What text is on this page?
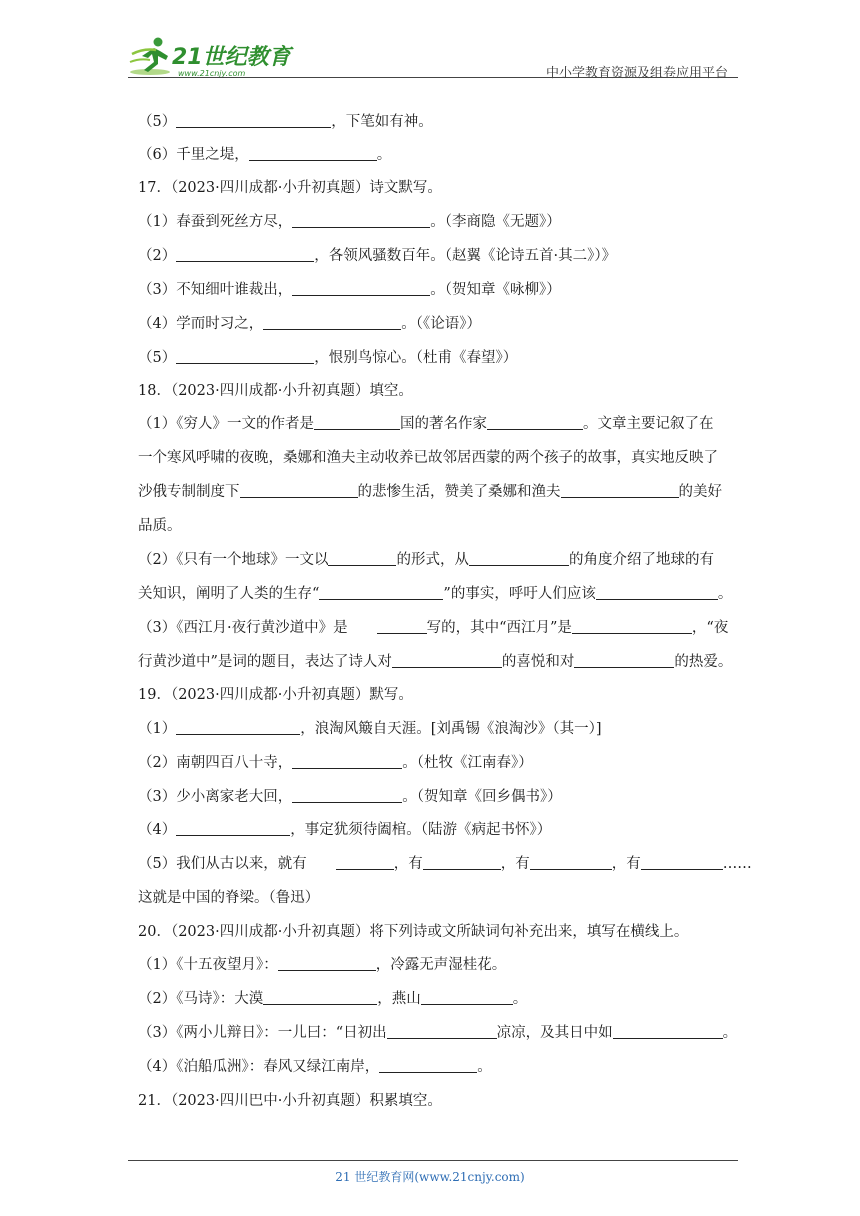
21世纪教育
www.21cnjy.com	中小学教育资源及组卷应用平台
（5）	，下笔如有神。
（6）千里之堤，	。
17．（2023·四川成都·小升初真题）诗文默写。
（1）春蚕到死丝方尽，	。（李商隐《无题》）
（2）	，各领风骚数百年。（赵翼《论诗五首·其二》）》
（3）不知细叶谁裁出，	。（贺知章《咏柳》）
（4）学而时习之，	。（《论语》）
（5）	，恨别鸟惊心。（杜甫《春望》）
18．（2023·四川成都·小升初真题）填空。
（1）《穷人》一文的作者是	国的著名作家	。文章主要记叙了在
一个寒风呼啸的夜晚，桑娜和渔夫主动收养已故邻居西蒙的两个孩子的故事，真实地反映了
沙俄专制制度下	的悲惨生活，赞美了桑娜和渔夫	的美好
品质。
（2）《只有一个地球》一文以	的形式，从	的角度介绍了地球的有
关知识，阐明了人类的生存“	”的事实，呼吁人们应该	。
（3）《西江月·夜行黄沙道中》是　　	写的，其中“西江月”是	，“夜
行黄沙道中”是词的题目，表达了诗人对	的喜悦和对	的热爱。
19．（2023·四川成都·小升初真题）默写。
（1）	，浪淘风簸自天涯。[刘禹锡《浪淘沙》（其一）]
（2）南朝四百八十寺，	。（杜牧《江南春》）
（3）少小离家老大回，	。（贺知章《回乡偶书》）
（4）	，事定犹须待阖棺。（陆游《病起书怀》）
（5）我们从古以来，就有　　	，有	，有	，有	……
这就是中国的脊梁。（鲁迅）
20．（2023·四川成都·小升初真题）将下列诗或文所缺词句补充出来，填写在横线上。
（1）《十五夜望月》：	，冷露无声湿桂花。
（2）《马诗》：大漠	，燕山	。
（3）《两小儿辩日》：一儿曰：“日初出	凉凉，及其日中如	。
（4）《泊船瓜洲》：春风又绿江南岸，	。
21．（2023·四川巴中·小升初真题）积累填空。
21 世纪教育网(www.21cnjy.com)
